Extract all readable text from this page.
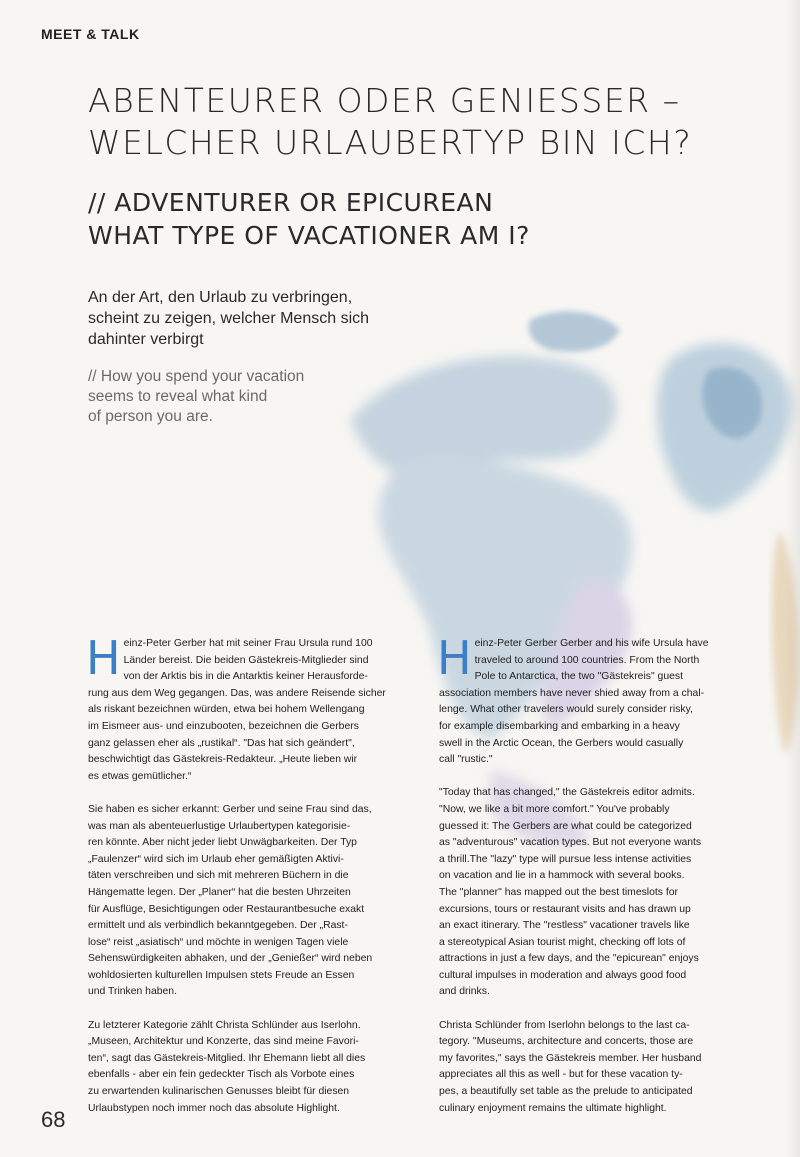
MEET & TALK
ABENTEURER ODER GENIESSER –
WELCHER URLAUBERTYP BIN ICH?
// ADVENTURER OR EPICUREAN
WHAT TYPE OF VACATIONER AM I?
An der Art, den Urlaub zu verbringen,
scheint zu zeigen, welcher Mensch sich
dahinter verbirgt
// How you spend your vacation
seems to reveal what kind
of person you are.
H einz-Peter Gerber hat mit seiner Frau Ursula rund 100
Länder bereist. Die beiden Gästekreis-Mitglieder sind
von der Arktis bis in die Antarktis keiner Herausforde-
rung aus dem Weg gegangen. Das, was andere Reisende sicher
als riskant bezeichnen würden, etwa bei hohem Wellengang
im Eismeer aus- und einzubooten, bezeichnen die Gerbers
ganz gelassen eher als „rustikal“. "Das hat sich geändert",
beschwichtigt das Gästekreis-Redakteur. „Heute lieben wir
es etwas gemütlicher.“
Sie haben es sicher erkannt: Gerber und seine Frau sind das,
was man als abenteuerlustige Urlaubertypen kategorisie-
ren könnte. Aber nicht jeder liebt Unwägbarkeiten. Der Typ
„Faulenzer“ wird sich im Urlaub eher gemäßigten Aktivi-
täten verschreiben und sich mit mehreren Büchern in die
Hängematte legen. Der „Planer“ hat die besten Uhrzeiten
für Ausflüge, Besichtigungen oder Restaurantbesuche exakt
ermittelt und als verbindlich bekanntgegeben. Der „Rast-
lose“ reist „asiatisch“ und möchte in wenigen Tagen viele
Sehenswürdigkeiten abhaken, und der „Genießer“ wird neben
wohldosierten kulturellen Impulsen stets Freude an Essen
und Trinken haben.
Zu letzterer Kategorie zählt Christa Schlünder aus Iserlohn.
„Museen, Architektur und Konzerte, das sind meine Favori-
ten“, sagt das Gästekreis-Mitglied. Ihr Ehemann liebt all dies
ebenfalls - aber ein fein gedeckter Tisch als Vorbote eines
zu erwartenden kulinarischen Genusses bleibt für diesen
Urlaubstypen noch immer noch das absolute Highlight.
H einz-Peter Gerber Gerber and his wife Ursula have
traveled to around 100 countries. From the North
Pole to Antarctica, the two "Gästekreis" guest
association members have never shied away from a chal-
lenge. What other travelers would surely consider risky,
for example disembarking and embarking in a heavy
swell in the Arctic Ocean, the Gerbers would casually
call "rustic."
"Today that has changed," the Gästekreis editor admits.
"Now, we like a bit more comfort." You've probably
guessed it: The Gerbers are what could be categorized
as "adventurous" vacation types. But not everyone wants
a thrill.The "lazy" type will pursue less intense activities
on vacation and lie in a hammock with several books.
The "planner" has mapped out the best timeslots for
excursions, tours or restaurant visits and has drawn up
an exact itinerary. The "restless" vacationer travels like
a stereotypical Asian tourist might, checking off lots of
attractions in just a few days, and the "epicurean" enjoys
cultural impulses in moderation and always good food
and drinks.
Christa Schlünder from Iserlohn belongs to the last ca-
tegory. "Museums, architecture and concerts, those are
my favorites," says the Gästekreis member. Her husband
appreciates all this as well - but for these vacation ty-
pes, a beautifully set table as the prelude to anticipated
culinary enjoyment remains the ultimate highlight.
68
